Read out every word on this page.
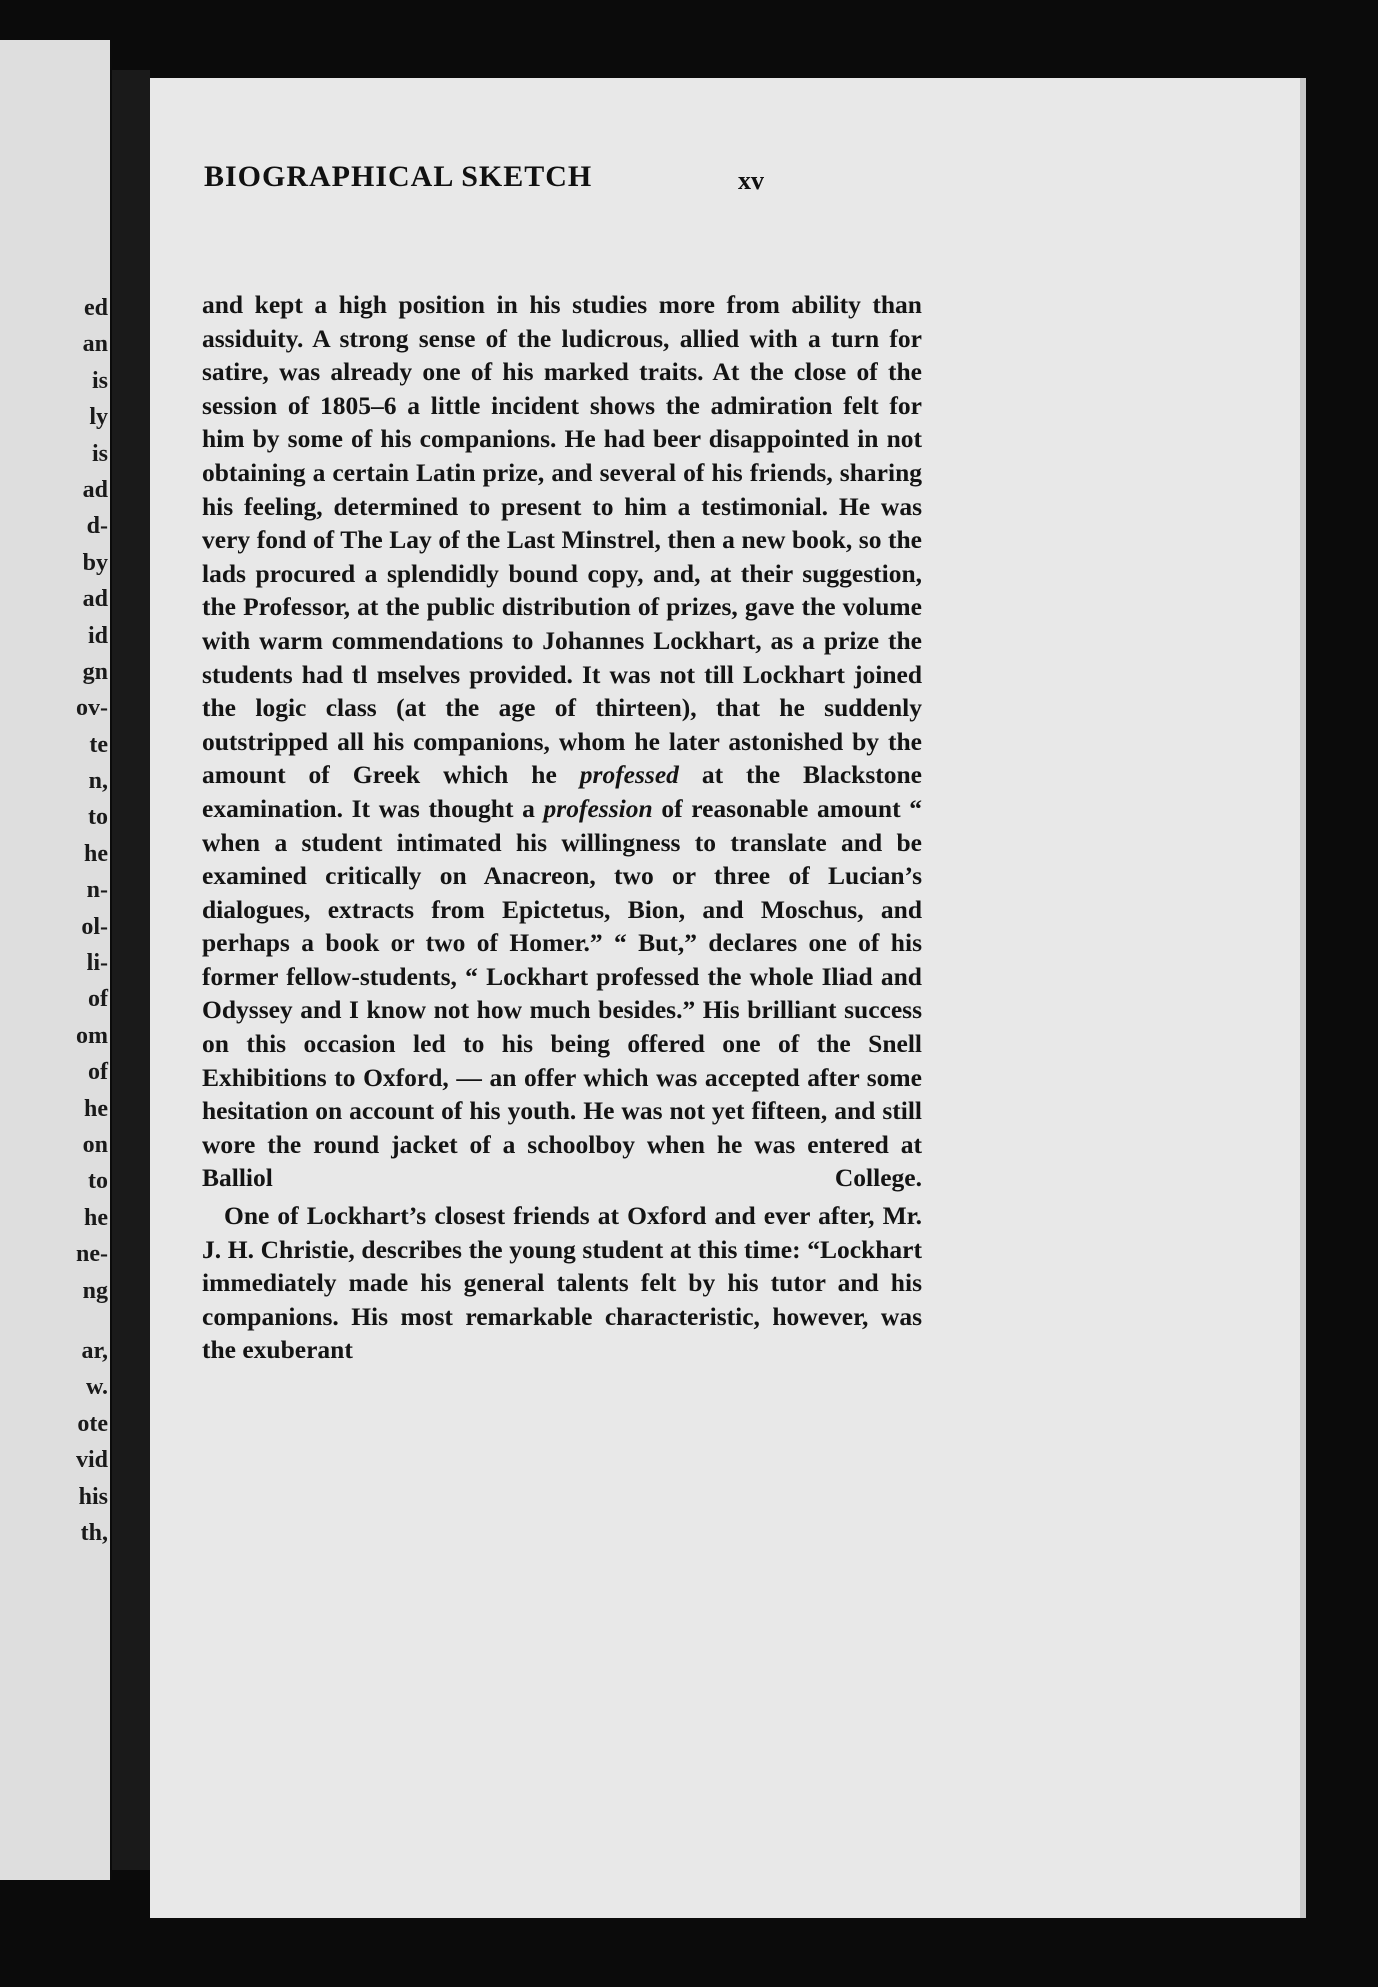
ed
an
is
ly
is
ad
d-
by
ad
id
gn
ov-
te
n,
to
he
n-
ol-
li-
of
om
of
he
on
to
he
ne-
ng
ar,
w.
ote
vid
his
th,
BIOGRAPHICAL SKETCH	xv

and kept a high position in his studies more from ability than assiduity. A strong sense of the ludicrous, allied with a turn for satire, was already one of his marked traits. At the close of the session of 1805–6 a little incident shows the admiration felt for him by some of his companions. He had beer disappointed in not obtaining a certain Latin prize, and several of his friends, sharing his feeling, determined to present to him a testimonial. He was very fond of The Lay of the Last Minstrel, then a new book, so the lads procured a splendidly bound copy, and, at their suggestion, the Professor, at the public distribution of prizes, gave the volume with warm commendations to Johannes Lockhart, as a prize the students had tl mselves provided. It was not till Lockhart joined the logic class (at the age of thirteen), that he suddenly outstripped all his companions, whom he later astonished by the amount of Greek which he professed at the Blackstone examination. It was thought a profession of reasonable amount “ when a student intimated his willingness to translate and be examined critically on Anacreon, two or three of Lucian’s dialogues, extracts from Epictetus, Bion, and Moschus, and perhaps a book or two of Homer.” “ But,” declares one of his former fellow-students, “ Lockhart professed the whole Iliad and Odyssey and I know not how much besides.” His brilliant success on this occasion led to his being offered one of the Snell Exhibitions to Oxford, — an offer which was accepted after some hesitation on account of his youth. He was not yet fifteen, and still wore the round jacket of a schoolboy when he was entered at Balliol College.

One of Lockhart’s closest friends at Oxford and ever after, Mr. J. H. Christie, describes the young student at this time: “Lockhart immediately made his general talents felt by his tutor and his companions. His most remarkable characteristic, however, was the exuberant
